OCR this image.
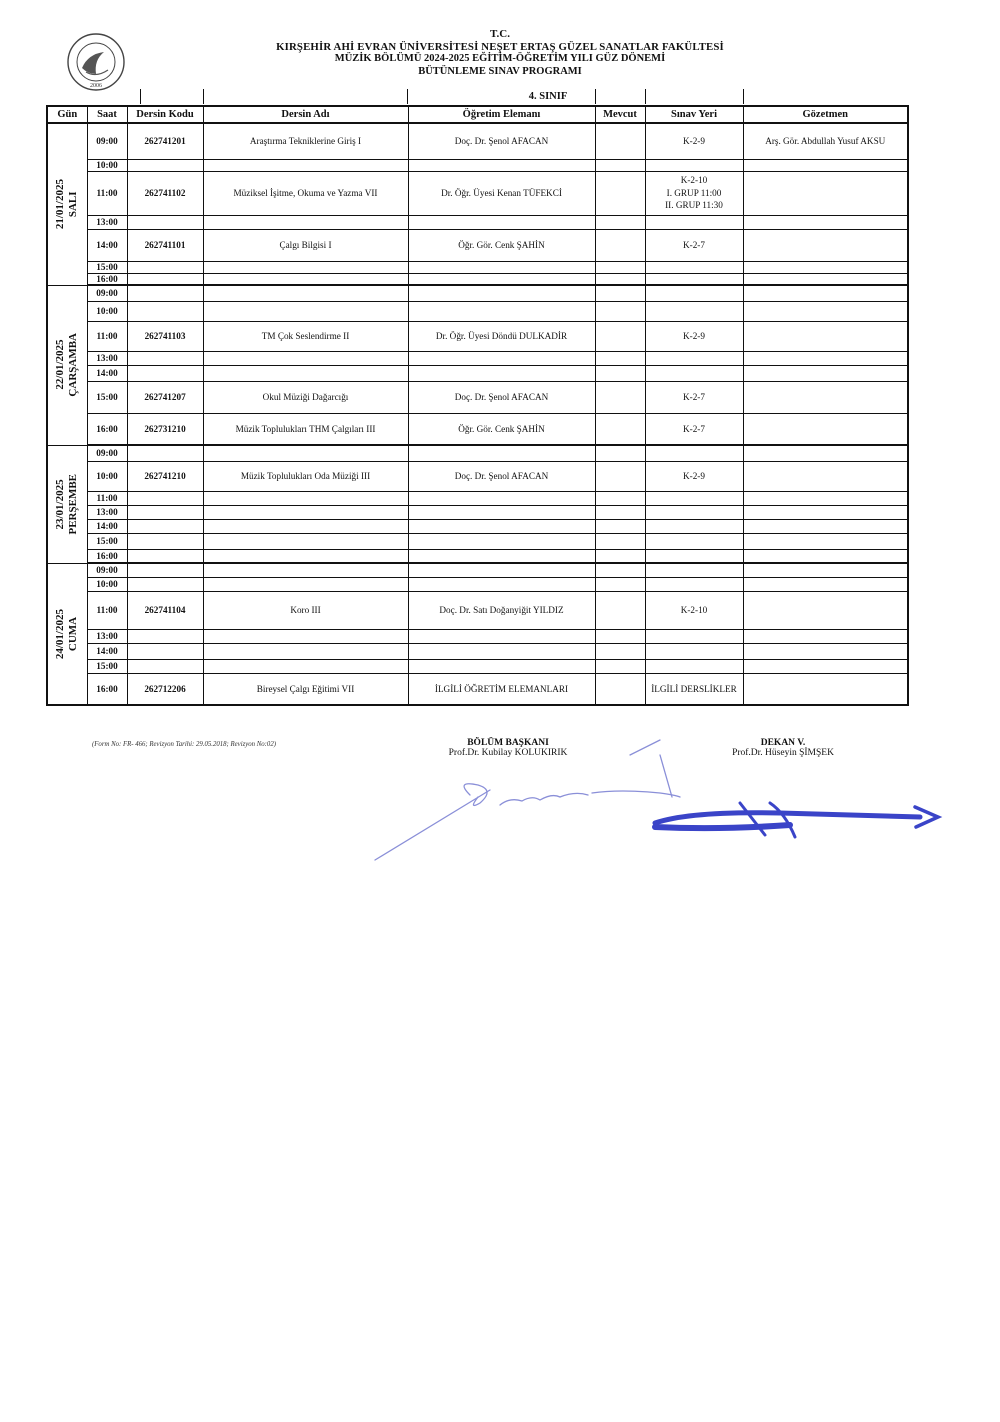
2006
T.C.
KIRŞEHİR AHİ EVRAN ÜNİVERSİTESİ NEŞET ERTAŞ GÜZEL SANATLAR FAKÜLTESİ
MÜZİK BÖLÜMÜ 2024-2025 EĞİTİM-ÖĞRETİM YILI GÜZ DÖNEMİ
BÜTÜNLEME SINAV PROGRAMI
4. SINIF
Gün	Saat	Dersin Kodu	Dersin Adı	Öğretim Elemanı	Mevcut	Sınav Yeri	Gözetmen

21/01/2025 SALI	09:00	262741201	Araştırma Tekniklerine Giriş I	Doç. Dr. Şenol AFACAN		K-2-9	Arş. Gör. Abdullah Yusuf AKSU
	10:00						
	11:00	262741102	Müziksel İşitme, Okuma ve Yazma VII	Dr. Öğr. Üyesi Kenan TÜFEKCİ		K-2-10
I. GRUP 11:00
II. GRUP 11:30	

	13:00						
	14:00	262741101	Çalgı Bilgisi I	Öğr. Gör. Cenk ŞAHİN		K-2-7	

	15:00						
	16:00						

22/01/2025 ÇARŞAMBA	09:00						
	10:00						
	11:00	262741103	TM Çok Seslendirme II	Dr. Öğr. Üyesi Döndü DULKADİR		K-2-9	

	13:00						
	14:00						
	15:00	262741207	Okul Müziği Dağarcığı	Doç. Dr. Şenol AFACAN		K-2-7	

	16:00	262731210	Müzik Toplulukları THM Çalgıları III	Öğr. Gör. Cenk ŞAHİN		K-2-7	

23/01/2025 PERŞEMBE	09:00						
	10:00	262741210	Müzik Toplulukları Oda Müziği III	Doç. Dr. Şenol AFACAN		K-2-9	

	11:00						
	13:00						
	14:00						
	15:00						
	16:00						

24/01/2025 CUMA	09:00						
	10:00						
	11:00	262741104	Koro III	Doç. Dr. Satı Doğanyiğit YILDIZ		K-2-10	

	13:00						
	14:00						
	15:00						
	16:00	262712206	Bireysel Çalgı Eğitimi VII	İLGİLİ ÖĞRETİM ELEMANLARI		İLGİLİ DERSLİKLER	

(Form No: FR- 466; Revizyon Tarihi: 29.05.2018; Revizyon No:02)	BÖLÜM BAŞKANI
Prof.Dr. Kubilay KOLUKIRIK
DEKAN V.
Prof.Dr. Hüseyin ŞİMŞEK
